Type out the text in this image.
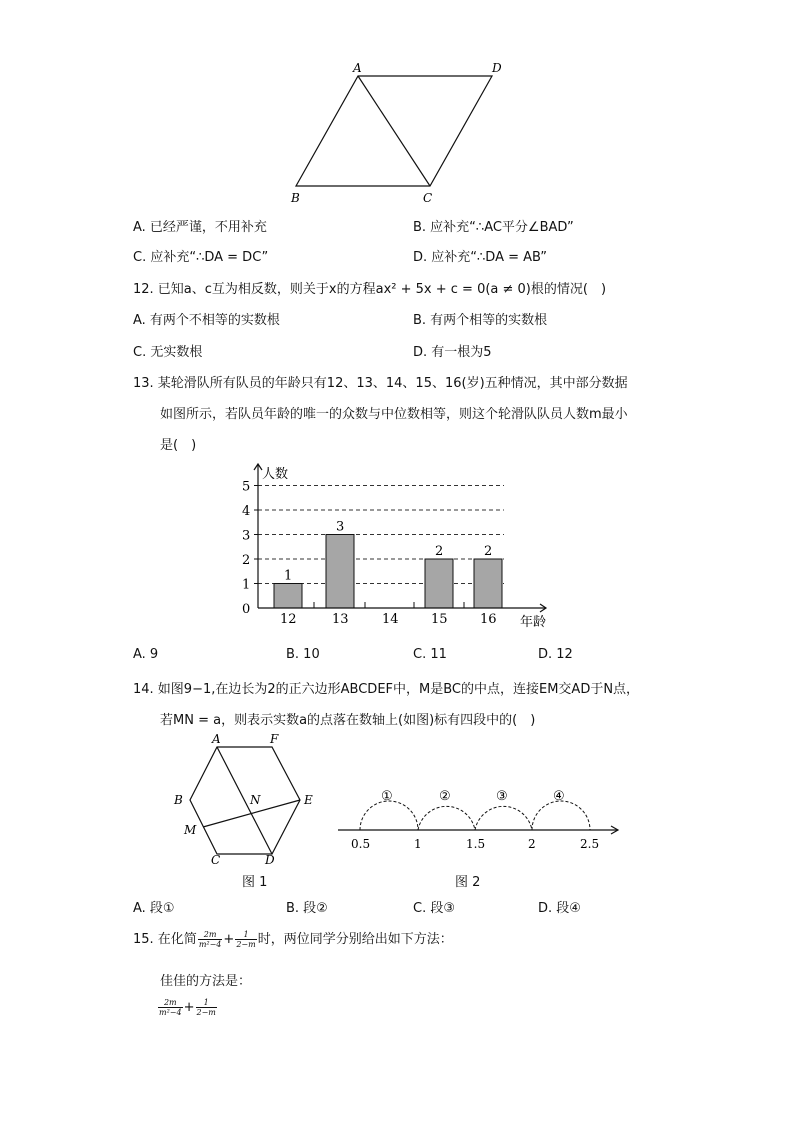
A	D
B	C
A. 已经严谨，不用补充	B. 应补充“∴AC平分∠BAD”
C. 应补充“∴DA = DC”	D. 应补充“∴DA = AB”
12. 已知a、c互为相反数，则关于x的方程ax² + 5x + c = 0(a ≠ 0)根的情况(　)
A. 有两个不相等的实数根	B. 有两个相等的实数根
C. 无实数根	D. 有一根为5
13. 某轮滑队所有队员的年龄只有12、13、14、15、16(岁)五种情况，其中部分数据
如图所示，若队员年龄的唯一的众数与中位数相等，则这个轮滑队队员人数m最小
是(　)
0
1
2
3
4
5
1
12
3
13	14
2
15
2
16
人数
年龄
A. 9	B. 10	C. 11	D. 12
14. 如图9−1,在边长为2的正六边形ABCDEF中，M是BC的中点，连接EM交AD于N点，
若MN = a，则表示实数a的点落在数轴上(如图)标有四段中的(　)
A	F
B	N	E
M
C	D
图 1
①	②	③	④
0.5	1	1.5	2	2.5
图 2
A. 段①	B. 段②	C. 段③	D. 段④
15. 在化简 $\frac{2m}{\text{m²−4}} + \frac{1}{2-m}$ 时，两位同学分别给出如下方法：
佳佳的方法是：
$\frac{2m}{\text{m²−4}} + \frac{1}{2-m}$
